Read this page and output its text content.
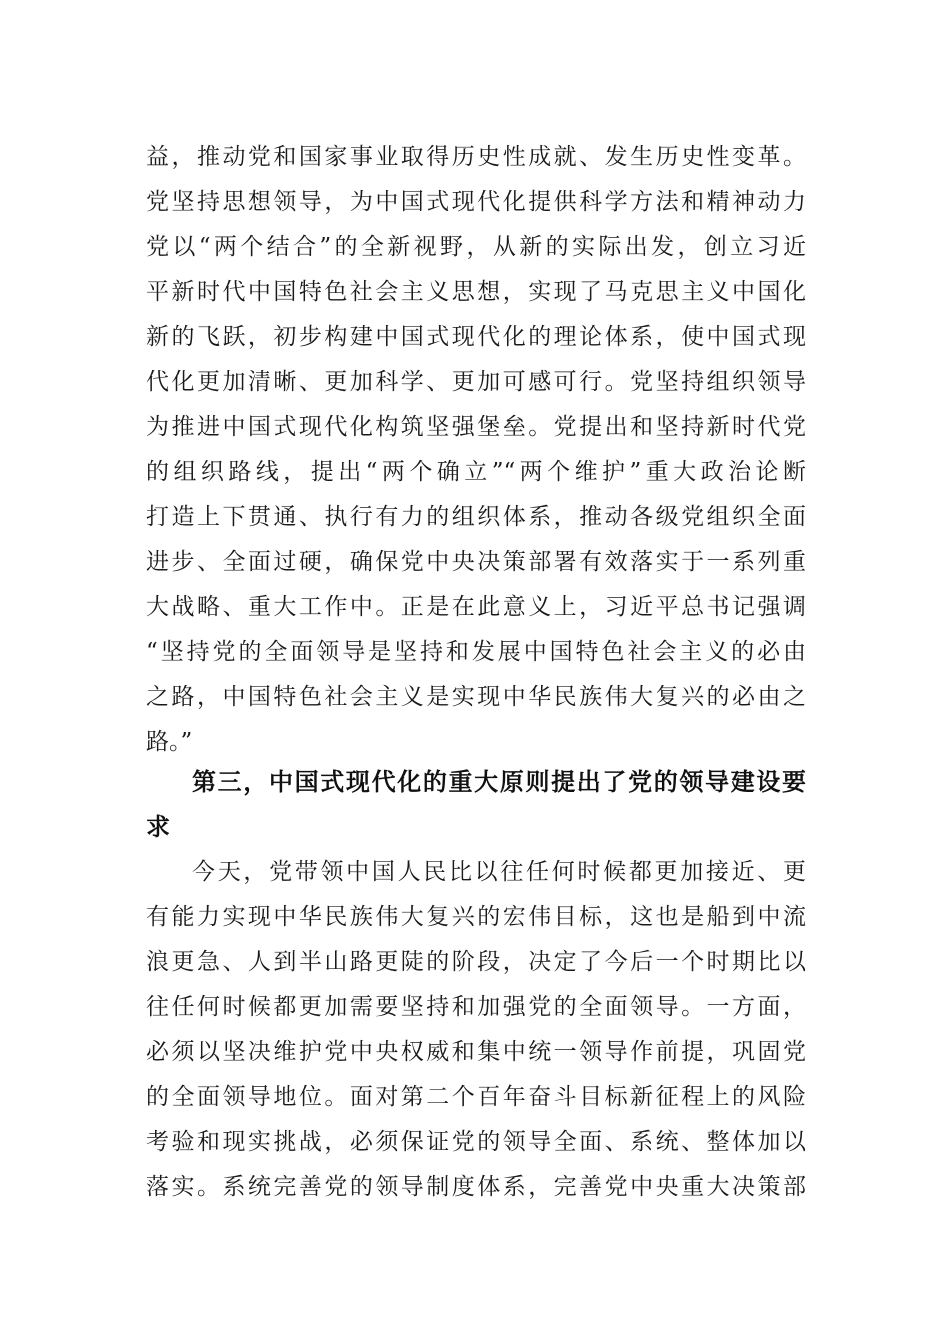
益，推动党和国家事业取得历史性成就、发生历史性变革。
党坚持思想领导，为中国式现代化提供科学方法和精神动力
党以“两个结合”的全新视野，从新的实际出发，创立习近
平新时代中国特色社会主义思想，实现了马克思主义中国化
新的飞跃，初步构建中国式现代化的理论体系，使中国式现
代化更加清晰、更加科学、更加可感可行。党坚持组织领导
为推进中国式现代化构筑坚强堡垒。党提出和坚持新时代党
的组织路线，提出“两个确立”“两个维护”重大政治论断
打造上下贯通、执行有力的组织体系，推动各级党组织全面
进步、全面过硬，确保党中央决策部署有效落实于一系列重
大战略、重大工作中。正是在此意义上，习近平总书记强调
“坚持党的全面领导是坚持和发展中国特色社会主义的必由
之路，中国特色社会主义是实现中华民族伟大复兴的必由之
路。”
第三，中国式现代化的重大原则提出了党的领导建设要
求
今天，党带领中国人民比以往任何时候都更加接近、更
有能力实现中华民族伟大复兴的宏伟目标，这也是船到中流
浪更急、人到半山路更陡的阶段，决定了今后一个时期比以
往任何时候都更加需要坚持和加强党的全面领导。一方面，
必须以坚决维护党中央权威和集中统一领导作前提，巩固党
的全面领导地位。面对第二个百年奋斗目标新征程上的风险
考验和现实挑战，必须保证党的领导全面、系统、整体加以
落实。系统完善党的领导制度体系，完善党中央重大决策部
